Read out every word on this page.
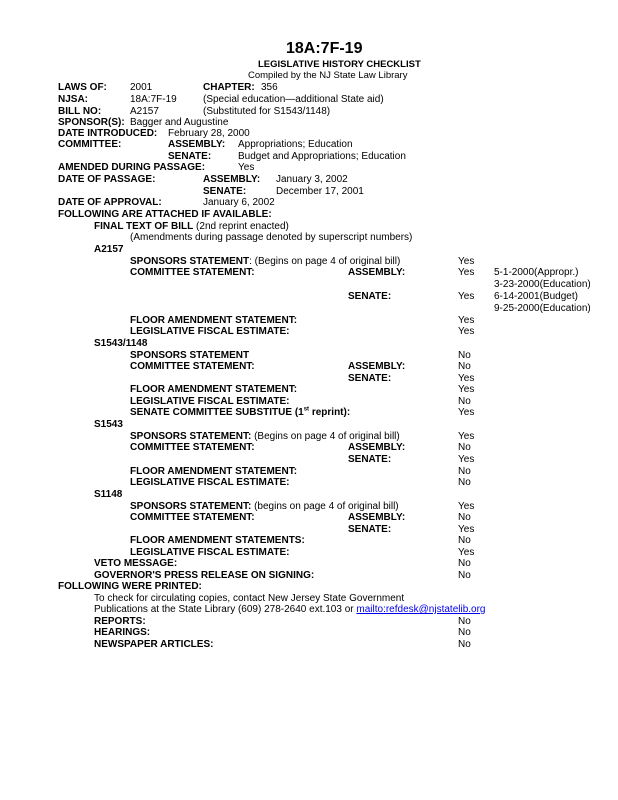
18A:7F-19
LEGISLATIVE HISTORY CHECKLIST
Compiled by the NJ State Law Library
LAWS OF: 2001	CHAPTER: 356
NJSA:	18A:7F-19	(Special education—additional State aid)
BILL NO:	A2157	(Substituted for S1543/1148)
SPONSOR(S): Bagger and Augustine
DATE INTRODUCED: February 28, 2000
COMMITTEE:	ASSEMBLY: Appropriations; Education
SENATE:	Budget and Appropriations; Education
AMENDED DURING PASSAGE:	Yes
DATE OF PASSAGE:	ASSEMBLY: January 3, 2002
SENATE:	December 17, 2001
DATE OF APPROVAL:	January 6, 2002
FOLLOWING ARE ATTACHED IF AVAILABLE:
FINAL TEXT OF BILL (2nd reprint enacted)
(Amendments during passage denoted by superscript numbers)
A2157
SPONSORS STATEMENT: (Begins on page 4 of original bill)	Yes
COMMITTEE STATEMENT:	ASSEMBLY:	Yes 5-1-2000(Appropr.)
3-23-2000(Education)
SENATE:	Yes 6-14-2001(Budget)
9-25-2000(Education)
FLOOR AMENDMENT STATEMENT:	Yes
LEGISLATIVE FISCAL ESTIMATE:	Yes
S1543/1148
SPONSORS STATEMENT	No
COMMITTEE STATEMENT:	ASSEMBLY:	No
SENATE:	Yes
FLOOR AMENDMENT STATEMENT:	Yes
LEGISLATIVE FISCAL ESTIMATE:	No
SENATE COMMITTEE SUBSTITUE (1st reprint):	Yes
S1543
SPONSORS STATEMENT: (Begins on page 4 of original bill)	Yes
COMMITTEE STATEMENT:	ASSEMBLY:	No
SENATE:	Yes
FLOOR AMENDMENT STATEMENT:	No
LEGISLATIVE FISCAL ESTIMATE:	No
S1148
SPONSORS STATEMENT: (begins on page 4 of original bill)	Yes
COMMITTEE STATEMENT:	ASSEMBLY:	No
SENATE:	Yes
FLOOR AMENDMENT STATEMENTS:	No
LEGISLATIVE FISCAL ESTIMATE:	Yes
VETO MESSAGE:	No
GOVERNOR'S PRESS RELEASE ON SIGNING:	No
FOLLOWING WERE PRINTED:
To check for circulating copies, contact New Jersey State Government
Publications at the State Library (609) 278-2640 ext.103 or mailto:refdesk@njstatelib.org
REPORTS:	No
HEARINGS:	No
NEWSPAPER ARTICLES:	No
